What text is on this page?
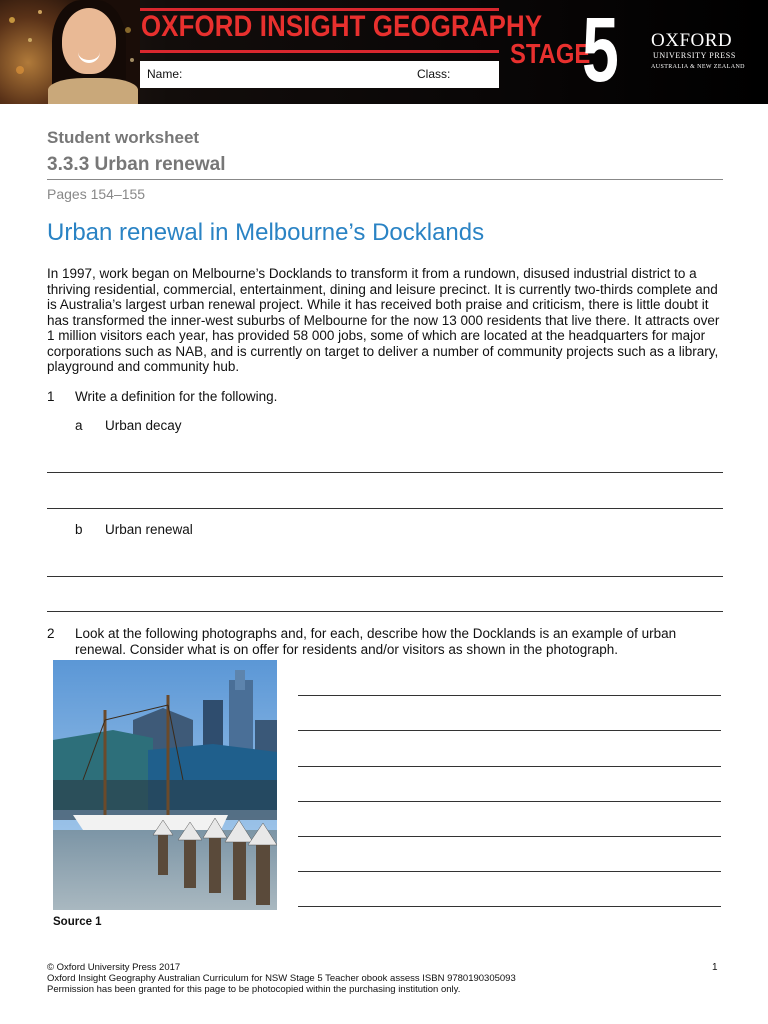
OXFORD INSIGHT GEOGRAPHY
Name:	Class:
STAGE
5 OXFORD
UNIVERSITY PRESS
AUSTRALIA & NEW ZEALAND
Student worksheet
3.3.3 Urban renewal
Pages 154–155
Urban renewal in Melbourne’s Docklands
In 1997, work began on Melbourne’s Docklands to transform it from a rundown, disused industrial district to a thriving residential, commercial, entertainment, dining and leisure precinct. It is currently two-thirds complete and is Australia’s largest urban renewal project. While it has received both praise and criticism, there is little doubt it has transformed the inner-west suburbs of Melbourne for the now 13 000 residents that live there. It attracts over 1 million visitors each year, has provided 58 000 jobs, some of which are located at the headquarters for major corporations such as NAB, and is currently on target to deliver a number of community projects such as a library, playground and community hub.
1 Write a definition for the following.
a Urban decay
b Urban renewal
2 Look at the following photographs and, for each, describe how the Docklands is an example of urban renewal. Consider what is on offer for residents and/or visitors as shown in the photograph.
Source 1
© Oxford University Press 2017
Oxford Insight Geography Australian Curriculum for NSW Stage 5 Teacher obook assess ISBN 9780190305093
Permission has been granted for this page to be photocopied within the purchasing institution only.
1
